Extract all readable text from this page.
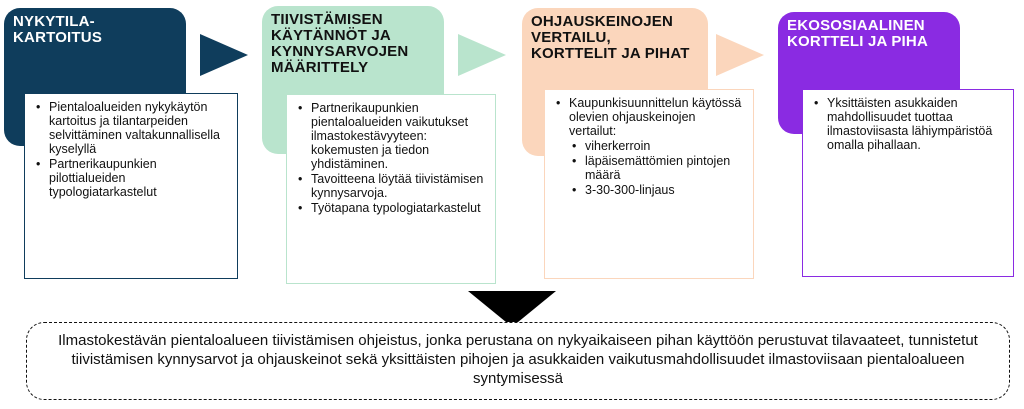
NYKYTILA-
KARTOITUS
• Pientaloalueiden nykykäytön kartoitus ja tilantarpeiden selvittäminen valtakunnallisella kyselyllä
• Partnerikaupunkien pilottialueiden typologiatarkastelut
TIIVISTÄMISEN
KÄYTÄNNÖT JA
KYNNYSARVOJEN
MÄÄRITTELY
• Partnerikaupunkien pientaloalueiden vaikutukset ilmastokestävyyteen: kokemusten ja tiedon yhdistäminen.
• Tavoitteena löytää tiivistämisen kynnysarvoja.
• Työtapana typologiatarkastelut
OHJAUSKEINOJEN
VERTAILU,
KORTTELIT JA PIHAT
• Kaupunkisuunnittelun käytössä olevien ohjauskeinojen vertailut:
• viherkerroin
• läpäisemättömien pintojen määrä
• 3-30-300-linjaus
EKOSOSIAALINEN
KORTTELI JA PIHA
• Yksittäisten asukkaiden mahdollisuudet tuottaa ilmastoviisasta lähiympäristöä omalla pihallaan.
Ilmastokestävän pientaloalueen tiivistämisen ohjeistus, jonka perustana on nykyaikaiseen pihan käyttöön perustuvat tilavaateet, tunnistetut tiivistämisen kynnysarvot ja ohjauskeinot sekä yksittäisten pihojen ja asukkaiden vaikutusmahdollisuudet ilmastoviisaan pientaloalueen syntymisessä
